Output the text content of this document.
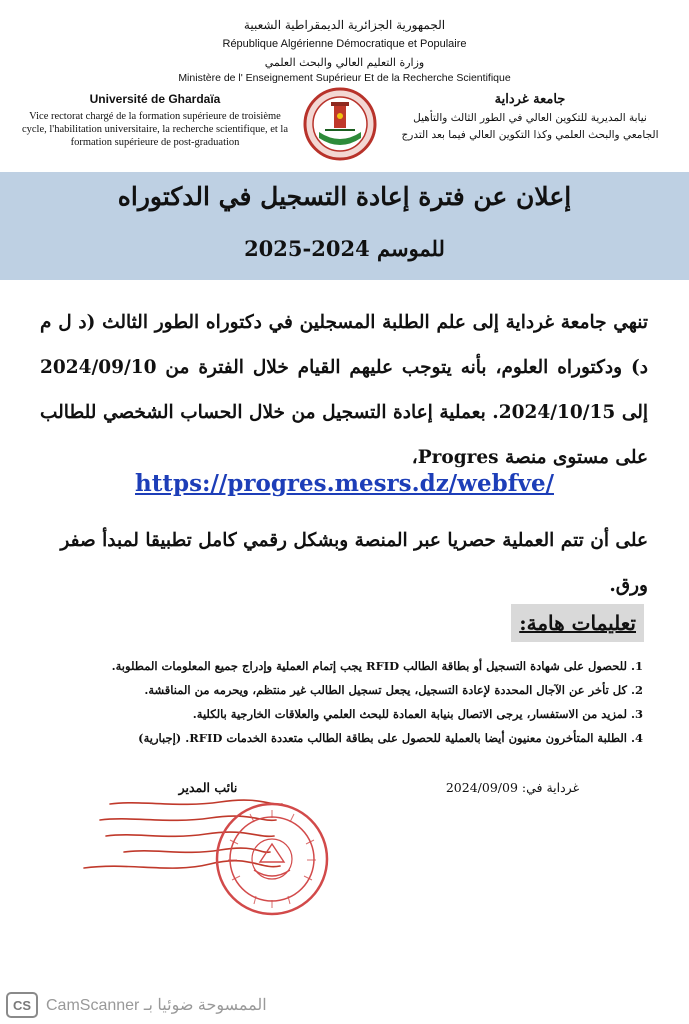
الجمهورية الجزائرية الديمقراطية الشعبية
République Algérienne Démocratique et Populaire
وزارة التعليم العالي والبحث العلمي
Ministère de l' Enseignement Supérieur Et de la Recherche Scientifique
Université de Ghardaïa
Vice rectorat chargé de la formation supérieure de troisième cycle, l'habilitation universitaire, la recherche scientifique, et la formation supérieure de post-graduation
جامعة غرداية
نيابة المديرية للتكوين العالي في الطور الثالث والتأهيل الجامعي والبحث العلمي وكذا التكوين العالي فيما بعد التدرج
إعلان عن فترة إعادة التسجيل في الدكتوراه
للموسم 2024-2025
تنهي جامعة غرداية إلى علم الطلبة المسجلين في دكتوراه الطور الثالث (د ل م د) ودكتوراه العلوم، بأنه يتوجب عليهم القيام خلال الفترة من 2024/09/10 إلى 2024/10/15. بعملية إعادة التسجيل من خلال الحساب الشخصي للطالب على مستوى منصة Progres،
https://progres.mesrs.dz/webfve/
على أن تتم العملية حصريا عبر المنصة وبشكل رقمي كامل تطبيقا لمبدأ صفر ورق.
تعليمات هامة:
1. للحصول على شهادة التسجيل أو بطاقة الطالب RFID يجب إتمام العملية وإدراج جميع المعلومات المطلوبة.
2. كل تأخر عن الآجال المحددة لإعادة التسجيل، يجعل تسجيل الطالب غير منتظم، ويحرمه من المناقشة.
3. لمزيد من الاستفسار، يرجى الاتصال بنيابة العمادة للبحث العلمي والعلاقات الخارجية بالكلية.
4. الطلبة المتأخرون معنيون أيضا بالعملية للحصول على بطاقة الطالب متعددة الخدمات RFID. (إجبارية)
نائب المدير	غرداية في: 2024/09/09
CS الممسوحة ضوئيا بـ CamScanner
